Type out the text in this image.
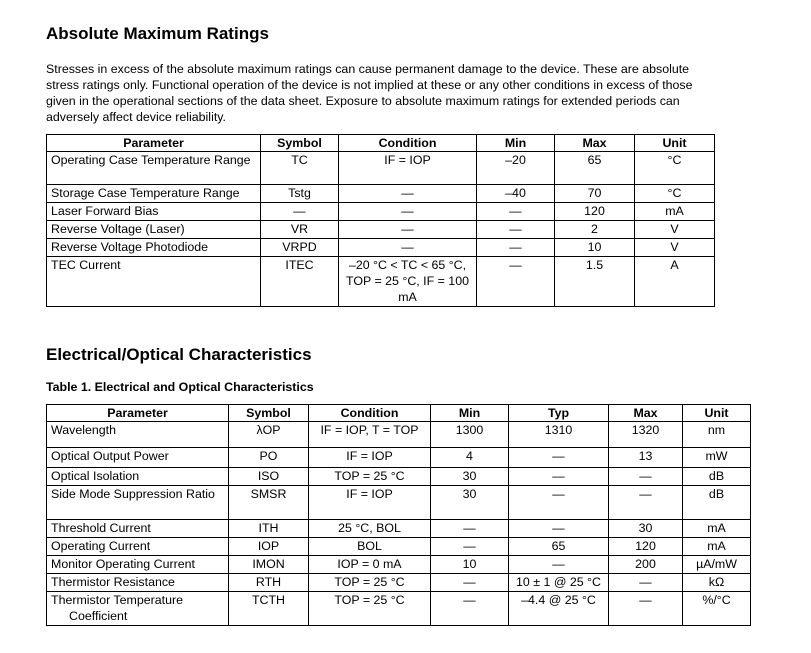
Absolute Maximum Ratings

Stresses in excess of the absolute maximum ratings can cause permanent damage to the device. These are absolute stress ratings only. Functional operation of the device is not implied at these or any other conditions in excess of those given in the operational sections of the data sheet. Exposure to absolute maximum ratings for extended periods can adversely affect device reliability.

Parameter	Symbol	Condition	Min	Max	Unit

Operating Case Temperature Range	TC	IF = IOP	–20	65	°C

Storage Case Temperature Range	Tstg	—	–40	70	°C

Laser Forward Bias	—	—	—	120	mA

Reverse Voltage (Laser)	VR	—	—	2	V

Reverse Voltage Photodiode	VRPD	—	—	10	V

TEC Current	ITEC	–20 °C < TC < 65 °C, TOP = 25 °C, IF = 100 mA	—	1.5	A
Electrical/Optical Characteristics

Table 1. Electrical and Optical Characteristics

Parameter	Symbol	Condition	Min	Typ	Max	Unit

Wavelength	λOP	IF = IOP, T = TOP	1300	1310	1320	nm

Optical Output Power	PO	IF = IOP	4	—	13	mW

Optical Isolation	ISO	TOP = 25 °C	30	—	—	dB

Side Mode Suppression Ratio	SMSR	IF = IOP	30	—	—	dB

Threshold Current	ITH	25 °C, BOL	—	—	30	mA

Operating Current	IOP	BOL	—	65	120	mA

Monitor Operating Current	IMON	IOP = 0 mA	10	—	200	µA/mW

Thermistor Resistance	RTH	TOP = 25 °C	—	10 ± 1 @ 25 °C	—	kΩ

Thermistor Temperature Coefficient	TCTH	TOP = 25 °C	—	–4.4 @ 25 °C	—	%/°C
